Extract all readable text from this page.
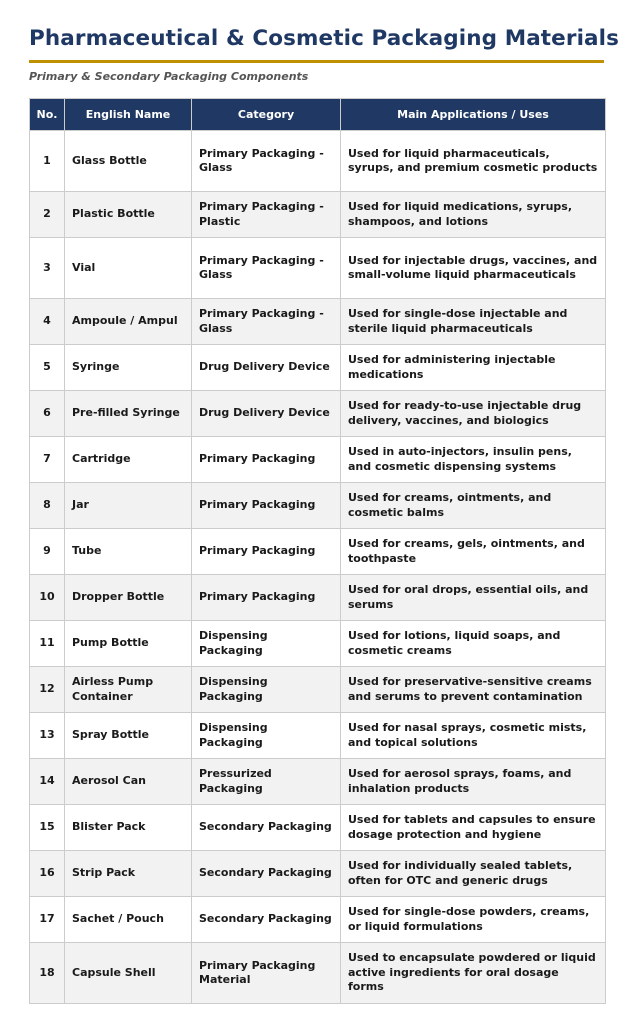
Pharmaceutical & Cosmetic Packaging Materials
Primary & Secondary Packaging Components
No.	English Name	Category	Main Applications / Uses
1	Glass Bottle	Primary Packaging - Glass	Used for liquid pharmaceuticals, syrups, and premium cosmetic products
2	Plastic Bottle	Primary Packaging - Plastic	Used for liquid medications, syrups, shampoos, and lotions
3	Vial	Primary Packaging - Glass	Used for injectable drugs, vaccines, and small-volume liquid pharmaceuticals
4	Ampoule / Ampul	Primary Packaging - Glass	Used for single-dose injectable and sterile liquid pharmaceuticals
5	Syringe	Drug Delivery Device	Used for administering injectable medications
6	Pre-filled Syringe	Drug Delivery Device	Used for ready-to-use injectable drug delivery, vaccines, and biologics
7	Cartridge	Primary Packaging	Used in auto-injectors, insulin pens, and cosmetic dispensing systems
8	Jar	Primary Packaging	Used for creams, ointments, and cosmetic balms
9	Tube	Primary Packaging	Used for creams, gels, ointments, and toothpaste
10	Dropper Bottle	Primary Packaging	Used for oral drops, essential oils, and serums
11	Pump Bottle	Dispensing Packaging	Used for lotions, liquid soaps, and cosmetic creams
12	Airless Pump Container	Dispensing Packaging	Used for preservative-sensitive creams and serums to prevent contamination
13	Spray Bottle	Dispensing Packaging	Used for nasal sprays, cosmetic mists, and topical solutions
14	Aerosol Can	Pressurized Packaging	Used for aerosol sprays, foams, and inhalation products
15	Blister Pack	Secondary Packaging	Used for tablets and capsules to ensure dosage protection and hygiene
16	Strip Pack	Secondary Packaging	Used for individually sealed tablets, often for OTC and generic drugs
17	Sachet / Pouch	Secondary Packaging	Used for single-dose powders, creams, or liquid formulations
18	Capsule Shell	Primary Packaging Material	Used to encapsulate powdered or liquid active ingredients for oral dosage forms
